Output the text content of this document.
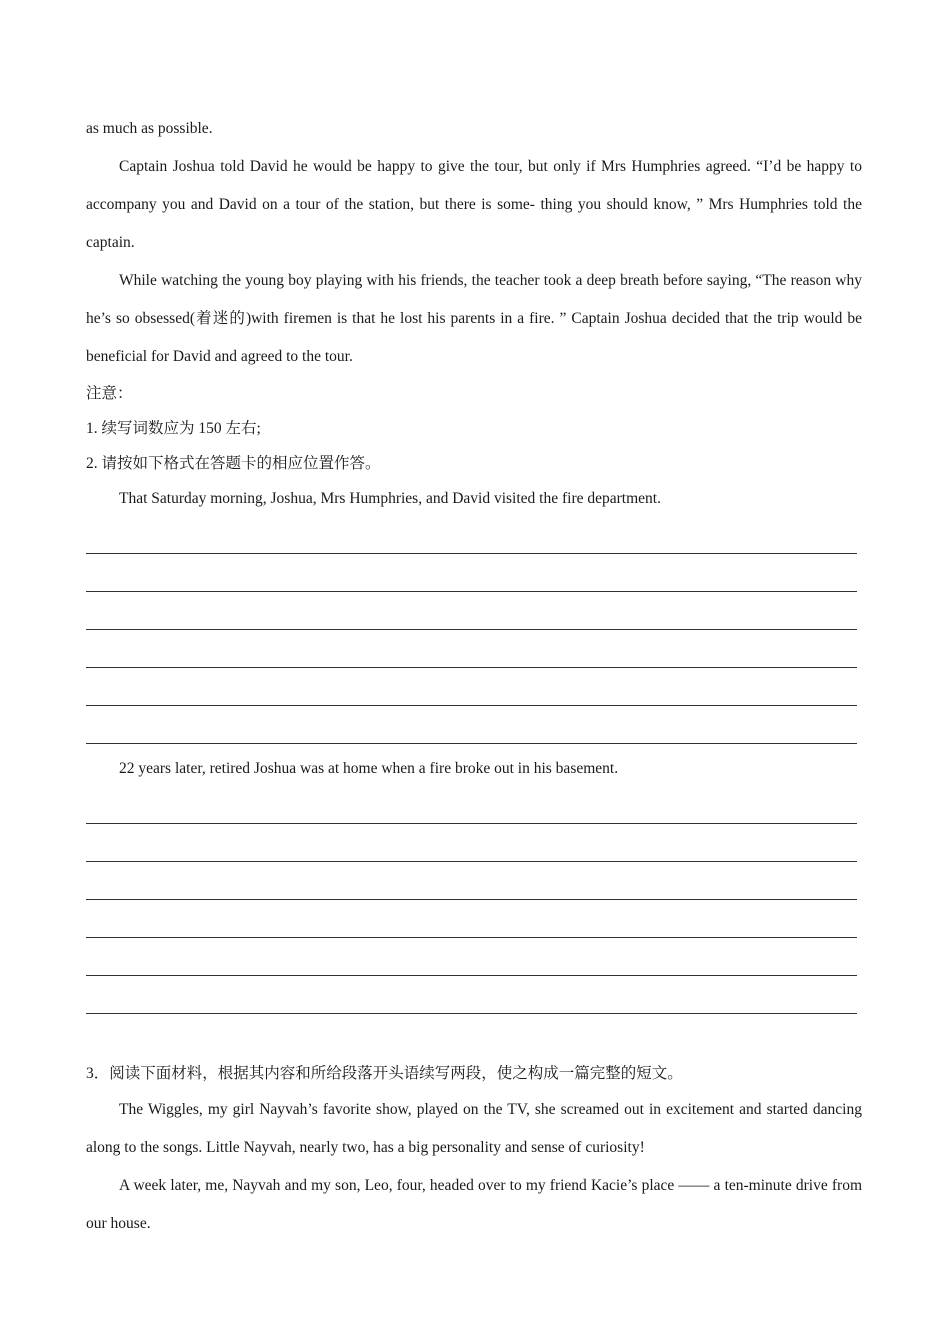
as much as possible.

Captain Joshua told David he would be happy to give the tour, but only if Mrs Humphries agreed. “I’d be happy to accompany you and David on a tour of the station, but there is some- thing you should know, ” Mrs Humphries told the captain.

While watching the young boy playing with his friends, the teacher took a deep breath before saying, “The reason why he’s so obsessed(着迷的)with firemen is that he lost his parents in a fire. ” Captain Joshua decided that the trip would be beneficial for David and agreed to the tour.

注意：

1. 续写词数应为 150 左右;

2. 请按如下格式在答题卡的相应位置作答。

That Saturday morning, Joshua, Mrs Humphries, and David visited the fire department.

22 years later, retired Joshua was at home when a fire broke out in his basement.

3．阅读下面材料，根据其内容和所给段落开头语续写两段，使之构成一篇完整的短文。

The Wiggles, my girl Nayvah’s favorite show, played on the TV, she screamed out in excitement and started dancing along to the songs. Little Nayvah, nearly two, has a big personality and sense of curiosity!

A week later, me, Nayvah and my son, Leo, four, headed over to my friend Kacie’s place —— a ten-minute drive from our house.
